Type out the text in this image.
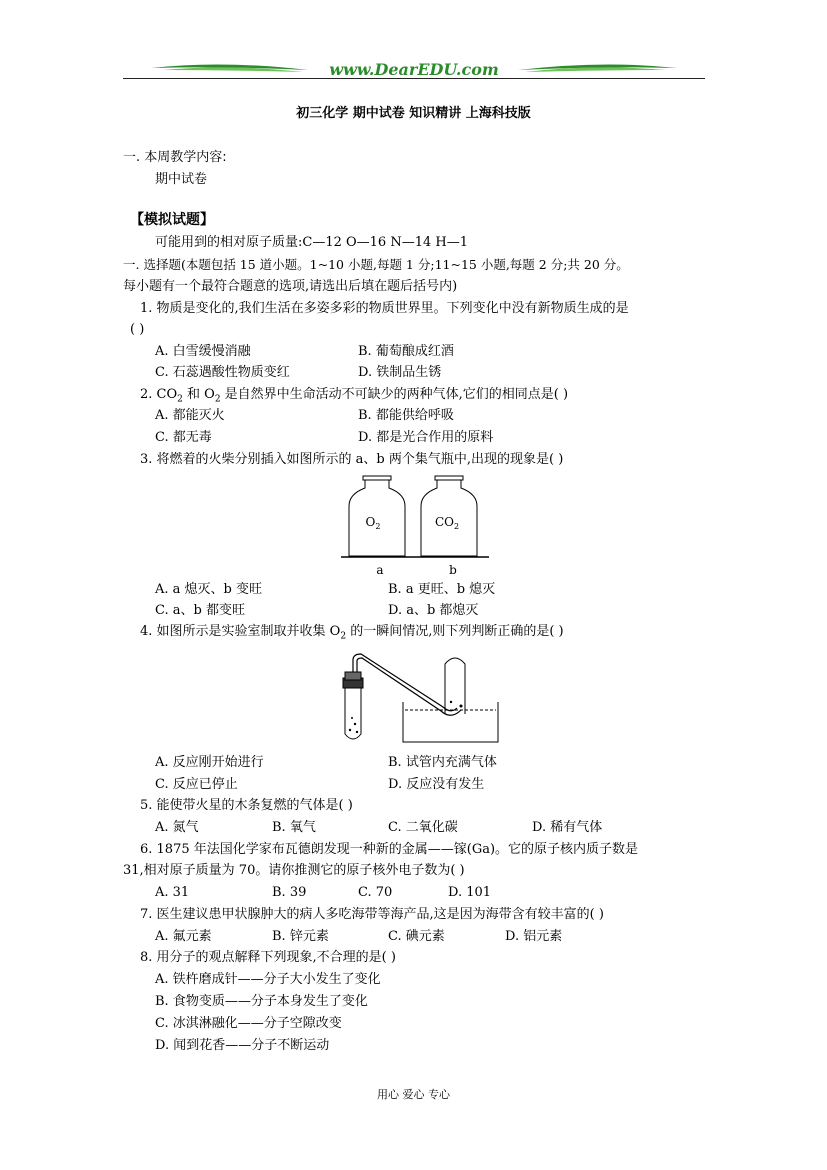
www.DearEDU.com
初三化学 期中试卷 知识精讲 上海科技版
一. 本周教学内容:
期中试卷
【模拟试题】
可能用到的相对原子质量:C—12 O—16 N—14 H—1
一. 选择题(本题包括 15 道小题。1~10 小题,每题 1 分;11~15 小题,每题 2 分;共 20 分。
每小题有一个最符合题意的选项,请选出后填在题后括号内)
1. 物质是变化的,我们生活在多姿多彩的物质世界里。下列变化中没有新物质生成的是
( )
A. 白雪缓慢消融	B. 葡萄酿成红酒
C. 石蕊遇酸性物质变红	D. 铁制品生锈
2. $CO_2$ 和 $O_2$ 是自然界中生命活动不可缺少的两种气体,它们的相同点是( )
A. 都能灭火	B. 都能供给呼吸
C. 都无毒	D. 都是光合作用的原料
3. 将燃着的火柴分别插入如图所示的 a、b 两个集气瓶中,出现的现象是( )
$O_2$	$CO_2$
a	b
A. a 熄灭、b 变旺	B. a 更旺、b 熄灭
C. a、b 都变旺	D. a、b 都熄灭
4. 如图所示是实验室制取并收集 $O_2$ 的一瞬间情况,则下列判断正确的是( )
A. 反应刚开始进行	B. 试管内充满气体
C. 反应已停止	D. 反应没有发生
5. 能使带火星的木条复燃的气体是( )
A. 氮气	B. 氧气	C. 二氧化碳	D. 稀有气体
6. 1875 年法国化学家布瓦德朗发现一种新的金属——镓(Ga)。它的原子核内质子数是
31,相对原子质量为 70。请你推测它的原子核外电子数为( )
A. 31	B. 39	C. 70	D. 101
7. 医生建议患甲状腺肿大的病人多吃海带等海产品,这是因为海带含有较丰富的( )
A. 氟元素	B. 锌元素	C. 碘元素	D. 铝元素
8. 用分子的观点解释下列现象,不合理的是( )
A. 铁杵磨成针——分子大小发生了变化
B. 食物变质——分子本身发生了变化
C. 冰淇淋融化——分子空隙改变
D. 闻到花香——分子不断运动
用心 爱心 专心
